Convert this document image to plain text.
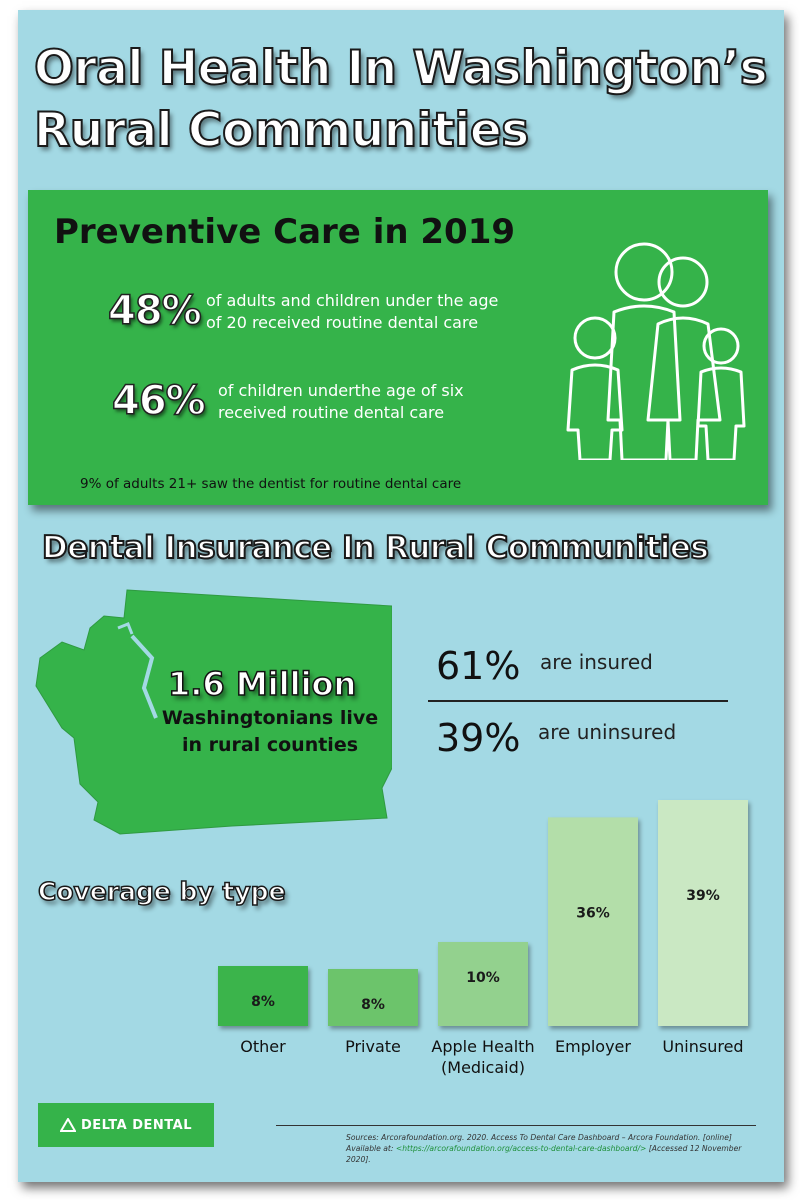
Oral Health In Washington’s
Rural Communities
Preventive Care in 2019
48% of adults and children under the age
of 20 received routine dental care
46% of children underthe age of six
received routine dental care
9% of adults 21+ saw the dentist for routine dental care
Dental Insurance In Rural Communities
1.6 Million
Washingtonians live
in rural counties
61% are insured
39% are uninsured
Coverage by type
8%
Other
8%
Private
10%
Apple Health
(Medicaid)
36%
Employer
39%
Uninsured
DELTA DENTAL
Sources: Arcorafoundation.org. 2020. Access To Dental Care Dashboard – Arcora Foundation. [online]
Available at: <https://arcorafoundation.org/access-to-dental-care-dashboard/> [Accessed 12 November 2020].
